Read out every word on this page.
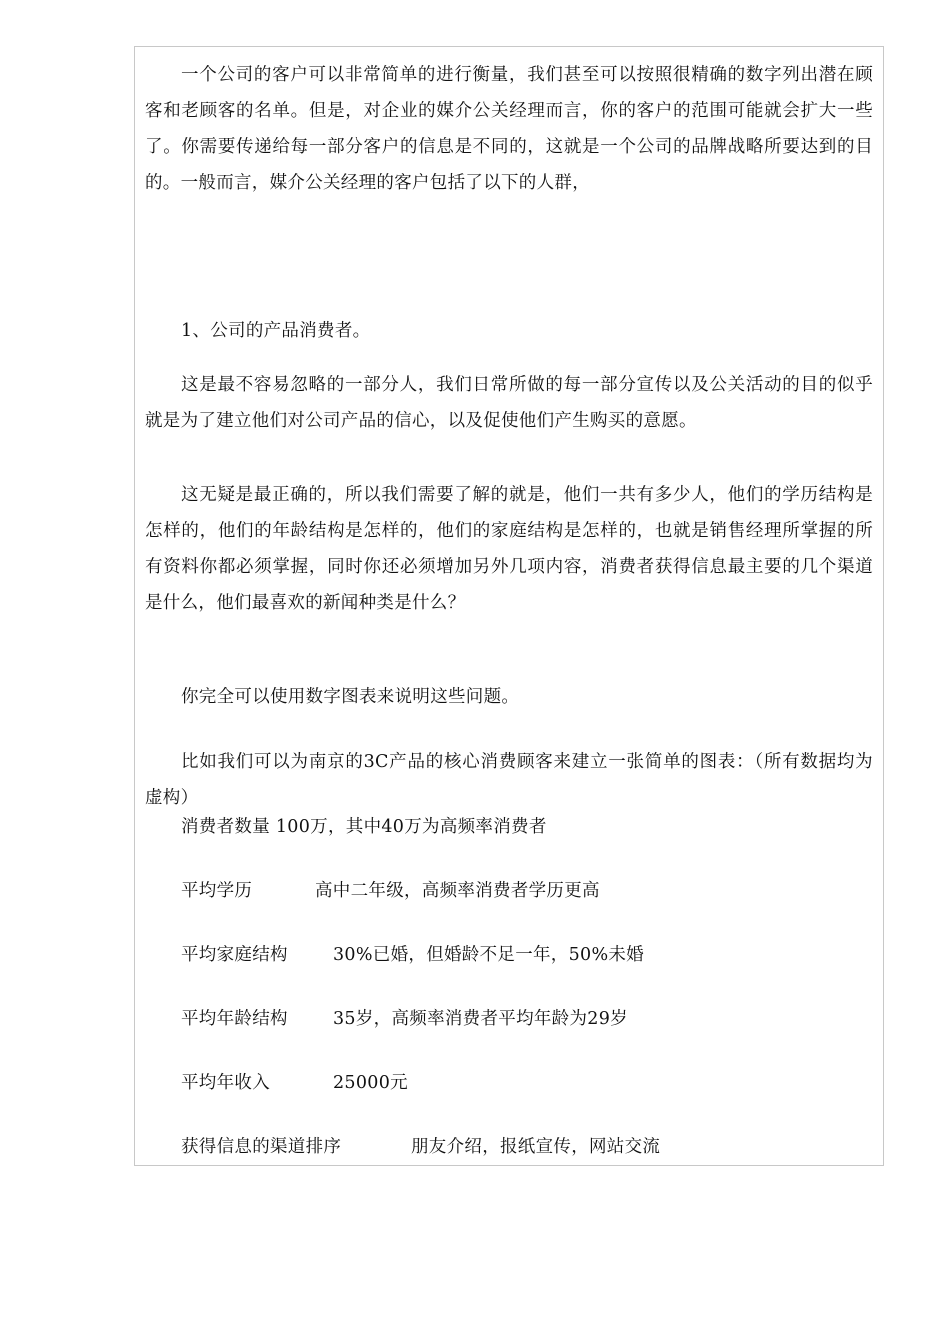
一个公司的客户可以非常简单的进行衡量，我们甚至可以按照很精确的数字列出潜在顾客和老顾客的名单。但是，对企业的媒介公关经理而言，你的客户的范围可能就会扩大一些了。你需要传递给每一部分客户的信息是不同的，这就是一个公司的品牌战略所要达到的目的。一般而言，媒介公关经理的客户包括了以下的人群，

1、公司的产品消费者。

这是最不容易忽略的一部分人，我们日常所做的每一部分宣传以及公关活动的目的似乎就是为了建立他们对公司产品的信心，以及促使他们产生购买的意愿。

这无疑是最正确的，所以我们需要了解的就是，他们一共有多少人，他们的学历结构是怎样的，他们的年龄结构是怎样的，他们的家庭结构是怎样的，也就是销售经理所掌握的所有资料你都必须掌握，同时你还必须增加另外几项内容，消费者获得信息最主要的几个渠道是什么，他们最喜欢的新闻种类是什么？

你完全可以使用数字图表来说明这些问题。

比如我们可以为南京的3C产品的核心消费顾客来建立一张简单的图表：（所有数据均为虚构）

消费者数量 100万，其中40万为高频率消费者
平均学历	高中二年级，高频率消费者学历更高
平均家庭结构	30%已婚，但婚龄不足一年，50%未婚
平均年龄结构	35岁，高频率消费者平均年龄为29岁
平均年收入	25000元
获得信息的渠道排序	朋友介绍，报纸宣传，网站交流
